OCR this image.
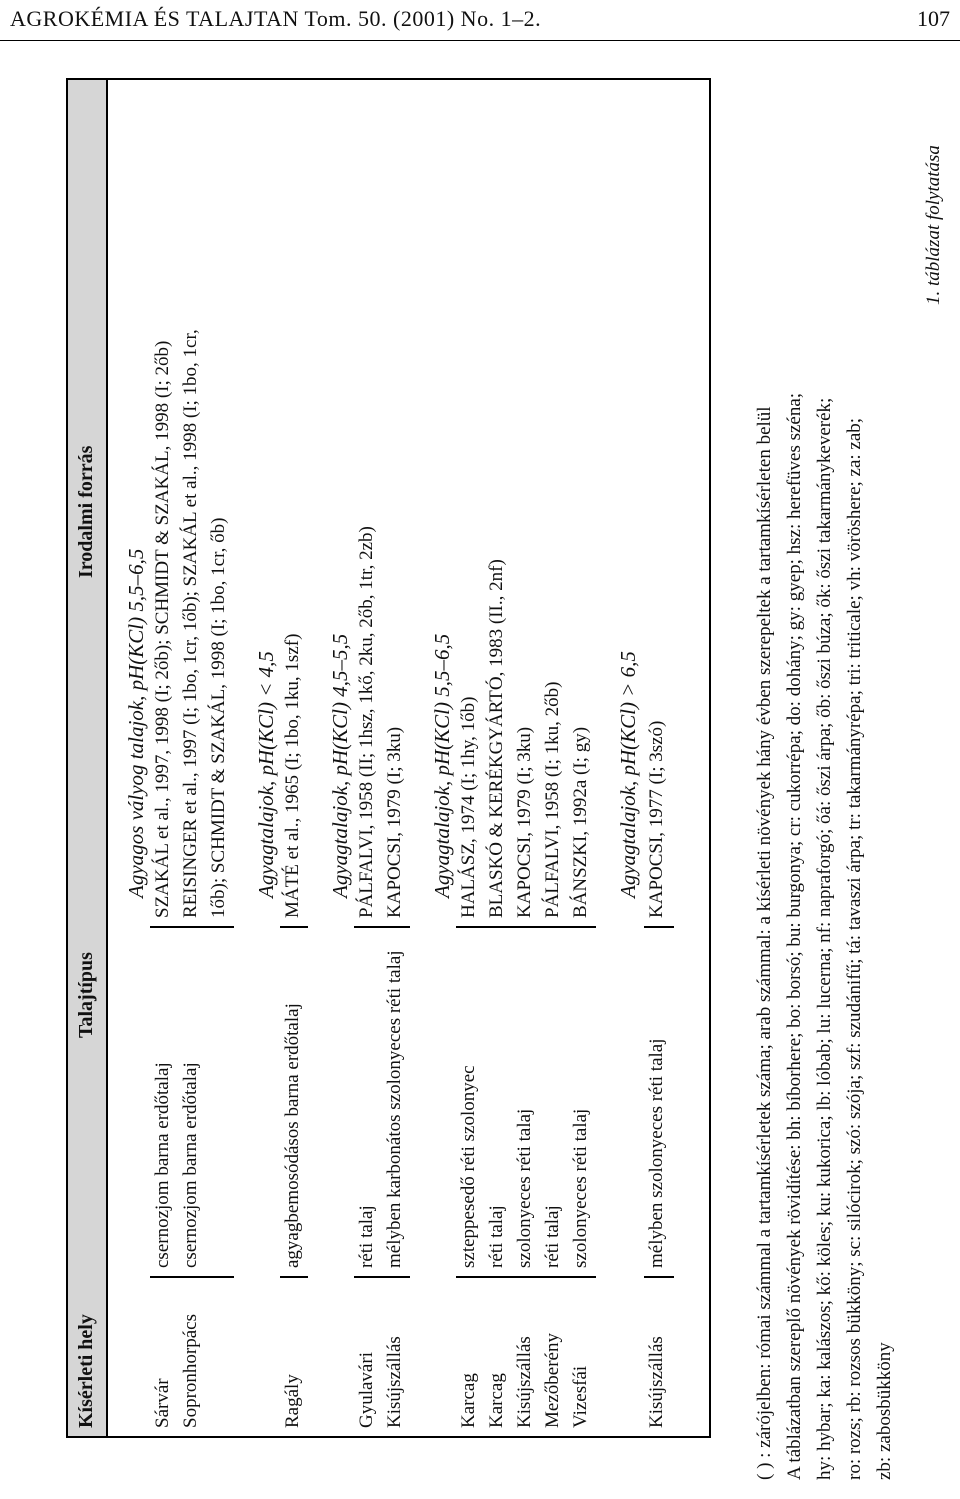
AGROKÉMIA ÉS TALAJTAN Tom. 50. (2001) No. 1–2.	107
1. táblázat folytatása
Kísérleti hely
Talajtípus
Irodalmi forrás
Agyagos vályog talajok, pH(KCl) 5,5–6,5
Sárvár
csernozjom barna erdőtalaj
SZAKÁL et al., 1997, 1998 (I; 2őb); SCHMIDT & SZAKÁL, 1998 (I; 2őb)
Sopronhorpács
csernozjom barna erdőtalaj
REISINGER et al., 1997 (I; 1bo, 1cr, 1őb); SZAKÁL et al., 1998 (I; 1bo, 1cr, 1őb); SCHMIDT & SZAKÁL, 1998 (I; 1bo, 1cr, őb) Agyagtalajok, pH(KCl) < 4,5
Ragály
agyagbemosódásos barna erdőtalaj
MÁTÉ et al., 1965 (I; 1bo, 1ku, 1szf) Agyagtalajok, pH(KCl) 4,5–5,5
Gyulavári
réti talaj
PÁLFALVI, 1958 (II; 1hsz, 1kő, 2ku, 2őb, 1tr, 2zb)
Kisújszállás
mélyben karbonátos szolonyeces réti talaj
KAPOCSI, 1979 (I; 3ku) Agyagtalajok, pH(KCl) 5,5–6,5
Karcag
szteppesedő réti szolonyec
HALÁSZ, 1974 (I; 1hy, 1őb)
Karcag
réti talaj
BLASKÓ & KERÉKGYÁRTÓ, 1983 (II., 2nf)
Kisújszállás
szolonyeces réti talaj
KAPOCSI, 1979 (I; 3ku)
Mezőberény
réti talaj
PÁLFALVI, 1958 (I; 1ku, 2őb)
Vizesfái
szolonyeces réti talaj
BÁNSZKI, 1992a (I; gy) Agyagtalajok, pH(KCl) > 6,5
Kisújszállás
mélyben szolonyeces réti talaj
KAPOCSI, 1977 (I; 3szó)	( ) : zárójelben: római számmal a tartamkísérletek száma; arab számmal: a kísérleti növények hány évben szerepeltek a tartamkísérleten belül A táblázatban szereplő növények rövidítése: bh: bíborhere; bo: borsó; bu: burgonya; cr: cukorrépa; do: dohány; gy: gyep; hsz: herefüves széna; hy: hybar; ka: kalászos; kő: köles; ku: kukorica; lb: lóbab; lu: lucerna; nf: napraforgó; őá: őszi árpa; őb: őszi búza; ők: őszi takarmánykeverék; ro: rozs; rb: rozsos bükköny; sc: silócirok; szó: szója; szf: szudánifű; tá: tavaszi árpa; tr: takarmányrépa; tri: triticale; vh: vöröshere; za: zab; zb: zabosbükköny
